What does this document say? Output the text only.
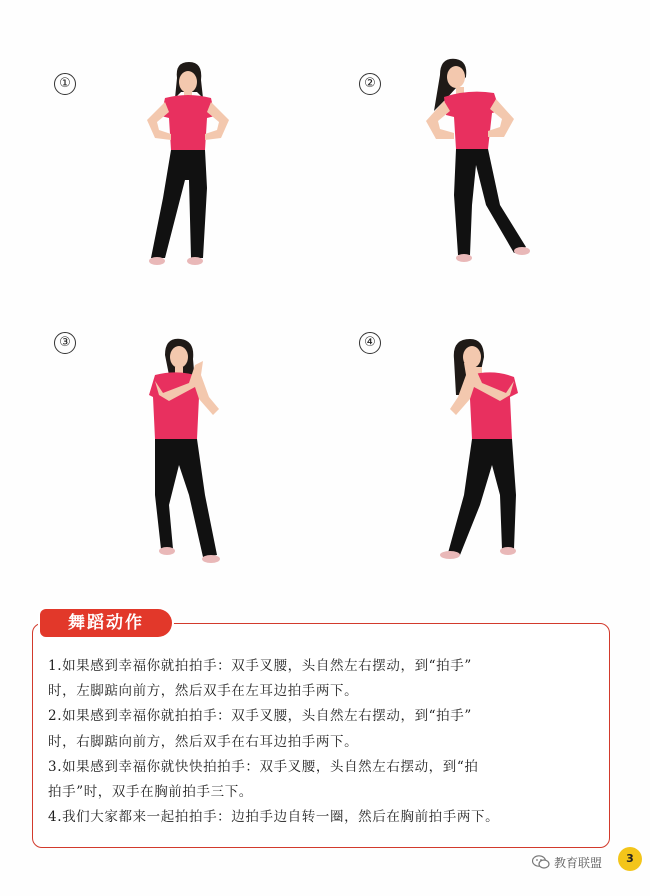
①	②
③	④
舞蹈动作

1.如果感到幸福你就拍拍手：双手叉腰，头自然左右摆动，到“拍手”

时，左脚踮向前方，然后双手在左耳边拍手两下。

2.如果感到幸福你就拍拍手：双手叉腰，头自然左右摆动，到“拍手”

时，右脚踮向前方，然后双手在右耳边拍手两下。

3.如果感到幸福你就快快拍拍手：双手叉腰，头自然左右摆动，到“拍

拍手”时，双手在胸前拍手三下。

4.我们大家都来一起拍拍手：边拍手边自转一圈，然后在胸前拍手两下。

教育联盟	3
